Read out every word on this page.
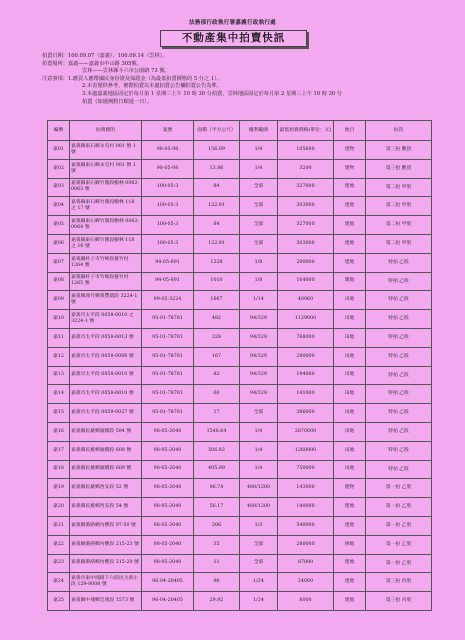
法務部行政執行署嘉義行政執行處
不動產集中拍賣快訊
拍賣日期：100.09.07（嘉義）、100.09.14（雲林）。
拍賣場所：嘉義——嘉義市中山路 305號。
雲林——雲林縣斗六市公園路 73 號。
注意事項：1.應買人應帶國民身份證及保證金（為最低拍賣價格的 5 分之 1）。
2.本表僅供參考，實際拍賣以本處拍賣公告欄拍賣公告為準。
3.本處嘉義地區固定於每月第 1 星期三上午 10 時 30 分拍賣，雲林地區固定於每月第 2 星期三上午 10 時 30 分
拍賣（如遇例假日順延一日）。
編號	拍賣標的	案號	面積（平方公尺）	權利範圍	最低拍賣價格(單位：元)	地目	拍次
嘉01	嘉義縣東石鄉永屯村 001 號 1 號	98-05-98	156.09	1/4	105600	建物	第三拍 應買
嘉02	嘉義縣東石鄉永屯村 001 號 1 號	98-05-98	13.86	1/4	3200	建物	第三拍 應買
嘉03	嘉義縣東石鄉竹圍段樹林 0062-0063 號	100-05-3	84	全部	327000	建地	第二拍 甲股
嘉04	嘉義縣東石鄉竹圍段樹林 118 之 17 號	100-05-3	122.91	全部	303000	建地	第二拍 甲股
嘉05	嘉義縣東石鄉竹圍段樹林 0062-0064 號	100-05-3	84	全部	327000	建地	第二拍 甲股
嘉06	嘉義縣東石鄉竹圍段樹林 118 之 16 號	100-05-3	122.91	全部	303000	建地	第二拍 甲股
嘉07	嘉義縣朴子市竹崎段養竹村 1264 號	94-05-691	1228	1/8	200000	建地	特拍 乙股
嘉08	嘉義縣朴子市竹崎段養竹村 1265 號	94-05-891	1010	1/8	164000	雜地	特拍 乙股
嘉09	嘉義縣義竹鄉義豐農段 3224-1 號	99-05-3224	1667	1/14	40960	田地	特拍 乙股
嘉10	嘉義市太平段 0058-0010 之 3224-1 號	95-01-78781	482	94/329	1129000	田地	特拍 乙股
嘉11	嘉義市太平段 0058-0013 號	95-01-78781	328	94/329	768000	田地	特拍 乙股
嘉12	嘉義市太平段 0058-0006 號	95-01-78781	167	94/329	280000	田地	特拍 乙股
嘉13	嘉義市太平段 0058-0010 號	95-01-78781	82	94/329	194000	田地	特拍 乙股
嘉14	嘉義市太平段 0058-0010 號	95-01-78781	60	94/329	141000	田地	特拍 乙股
嘉15	嘉義市太平段 0059-0027 號	95-01-78781	17	全部	386000	田地	特拍 乙股
嘉16	嘉義縣民雄鄉頭橋段 594 號	98-05-2040	1546.64	1/4	2870000	田地	特拍 乙股
嘉17	嘉義縣民雄鄉頭橋段 608 號	98-05-2040	506.82	1/4	1260000	田地	特拍 乙股
嘉18	嘉義縣民雄鄉頭橋段 609 號	98-05-2040	405.09	1/4	750000	田地	特拍 乙股
嘉19	嘉義縣民雄鄉西安段 52 號	98-05-2040	96.74	488/1200	143000	建物	第一拍 乙股
嘉20	嘉義縣民雄鄉西安段 54 號	98-05-2040	56.17	488/1200	140000	建地	第一拍 乙股
嘉21	嘉義縣番路鄉內甕段 97-50 號	98-05-2040	206	1/3	540000	建地	第一拍 乙股
嘉22	嘉義縣番路鄉內甕段 215-23 號	98-05-2040	35	全部	280000	林地	第一拍 乙股
嘉23	嘉義縣番路鄉內甕段 215-29 號	98-05-2040	11	全部	87000	建地	第一拍 乙股
嘉24	嘉義市東中埔路下六段民主新小段 129-8008 號	96-04-20405	96	1/24	24000	建地	第三拍 丙股
嘉25	嘉義縣中埔鄉忠義段 1573 號	96-04-20405	29.92	1/24	8000	建地	第三拍 丙股
